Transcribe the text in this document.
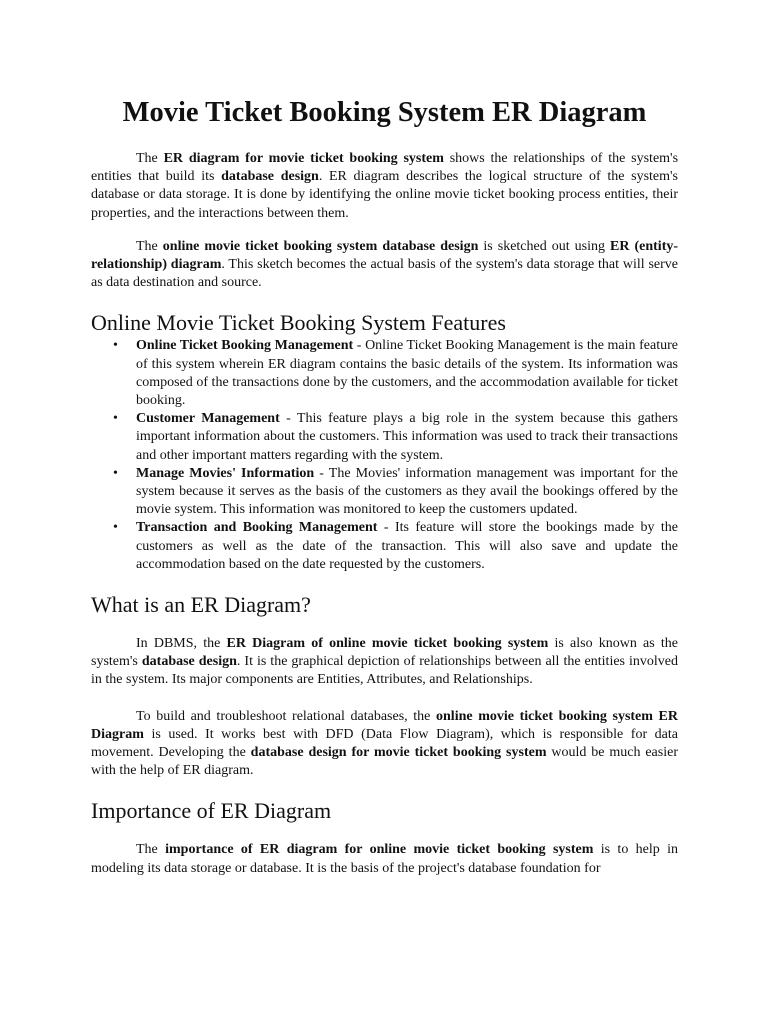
Movie Ticket Booking System ER Diagram

The ER diagram for movie ticket booking system shows the relationships of the system's entities that build its database design. ER diagram describes the logical structure of the system's database or data storage. It is done by identifying the online movie ticket booking process entities, their properties, and the interactions between them.

The online movie ticket booking system database design is sketched out using ER (entity-relationship) diagram. This sketch becomes the actual basis of the system's data storage that will serve as data destination and source.

Online Movie Ticket Booking System Features
• Online Ticket Booking Management - Online Ticket Booking Management is the main feature of this system wherein ER diagram contains the basic details of the system. Its information was composed of the transactions done by the customers, and the accommodation available for ticket booking.
• Customer Management - This feature plays a big role in the system because this gathers important information about the customers. This information was used to track their transactions and other important matters regarding with the system.
• Manage Movies' Information - The Movies' information management was important for the system because it serves as the basis of the customers as they avail the bookings offered by the movie system. This information was monitored to keep the customers updated.
• Transaction and Booking Management - Its feature will store the bookings made by the customers as well as the date of the transaction. This will also save and update the accommodation based on the date requested by the customers.
What is an ER Diagram?

In DBMS, the ER Diagram of online movie ticket booking system is also known as the system's database design. It is the graphical depiction of relationships between all the entities involved in the system. Its major components are Entities, Attributes, and Relationships.

To build and troubleshoot relational databases, the online movie ticket booking system ER Diagram is used. It works best with DFD (Data Flow Diagram), which is responsible for data movement. Developing the database design for movie ticket booking system would be much easier with the help of ER diagram.

Importance of ER Diagram

The importance of ER diagram for online movie ticket booking system is to help in modeling its data storage or database. It is the basis of the project's database foundation for
